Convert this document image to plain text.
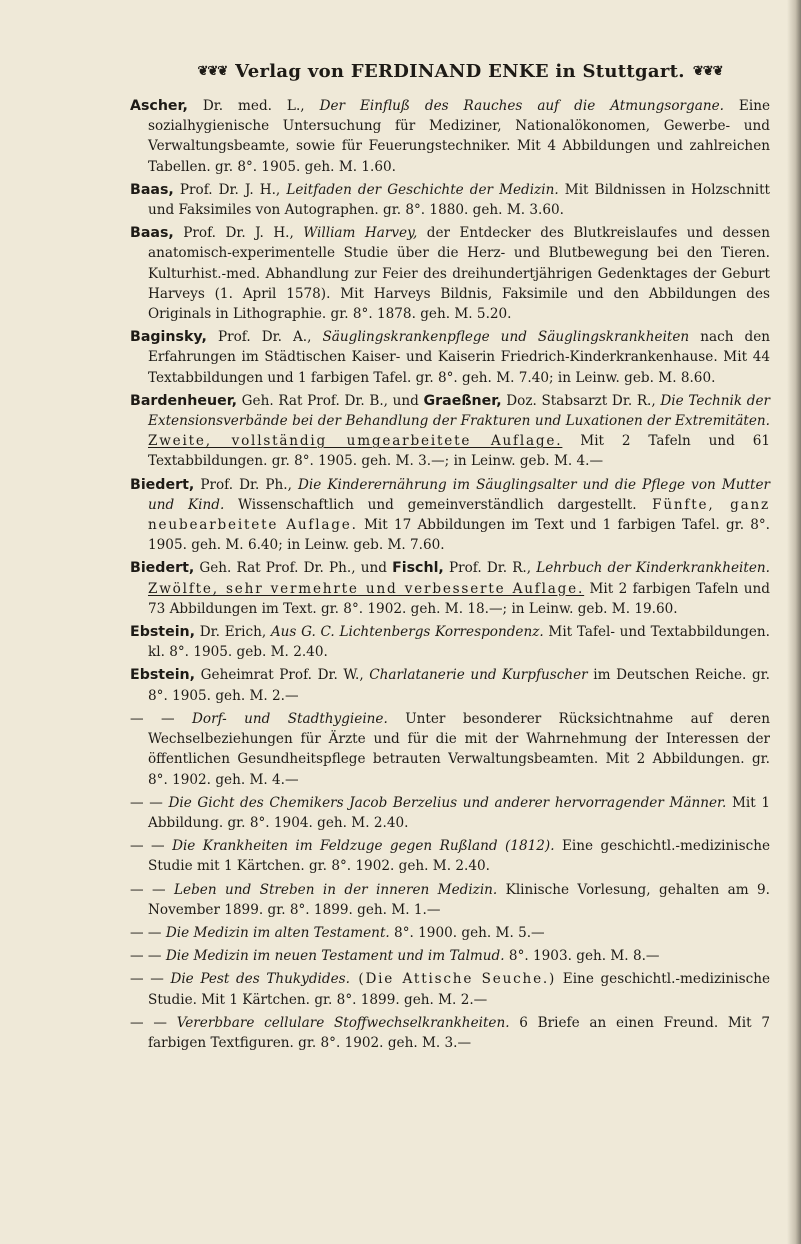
❦❦❦ Verlag von FERDINAND ENKE in Stuttgart. ❦❦❦

Ascher, Dr. med. L., Der Einfluß des Rauches auf die Atmungsorgane. Eine sozialhygienische Untersuchung für Mediziner, Nationalökonomen, Gewerbe- und Verwaltungsbeamte, sowie für Feuerungstechniker. Mit 4 Abbildungen und zahlreichen Tabellen. gr. 8°. 1905. geh. M. 1.60.

Baas, Prof. Dr. J. H., Leitfaden der Geschichte der Medizin. Mit Bildnissen in Holzschnitt und Faksimiles von Autographen. gr. 8°. 1880. geh. M. 3.60.

Baas, Prof. Dr. J. H., William Harvey, der Entdecker des Blutkreislaufes und dessen anatomisch-experimentelle Studie über die Herz- und Blutbewegung bei den Tieren. Kulturhist.-med. Abhandlung zur Feier des dreihundertjährigen Gedenktages der Geburt Harveys (1. April 1578). Mit Harveys Bildnis, Faksimile und den Abbildungen des Originals in Lithographie. gr. 8°. 1878. geh. M. 5.20.

Baginsky, Prof. Dr. A., Säuglingskrankenpflege und Säuglingskrankheiten nach den Erfahrungen im Städtischen Kaiser- und Kaiserin Friedrich-Kinderkrankenhause. Mit 44 Textabbildungen und 1 farbigen Tafel. gr. 8°. geh. M. 7.40; in Leinw. geb. M. 8.60.

Bardenheuer, Geh. Rat Prof. Dr. B., und Graeßner, Doz. Stabsarzt Dr. R., Die Technik der Extensionsverbände bei der Behandlung der Frakturen und Luxationen der Extremitäten. Zweite, vollständig umgearbeitete Auflage. Mit 2 Tafeln und 61 Textabbildungen. gr. 8°. 1905. geh. M. 3.—; in Leinw. geb. M. 4.—

Biedert, Prof. Dr. Ph., Die Kinderernährung im Säuglingsalter und die Pflege von Mutter und Kind. Wissenschaftlich und gemeinverständlich dargestellt. Fünfte, ganz neubearbeitete Auflage. Mit 17 Abbildungen im Text und 1 farbigen Tafel. gr. 8°. 1905. geh. M. 6.40; in Leinw. geb. M. 7.60.

Biedert, Geh. Rat Prof. Dr. Ph., und Fischl, Prof. Dr. R., Lehrbuch der Kinderkrankheiten. Zwölfte, sehr vermehrte und verbesserte Auflage. Mit 2 farbigen Tafeln und 73 Abbildungen im Text. gr. 8°. 1902. geh. M. 18.—; in Leinw. geb. M. 19.60.

Ebstein, Dr. Erich, Aus G. C. Lichtenbergs Korrespondenz. Mit Tafel- und Textabbildungen. kl. 8°. 1905. geb. M. 2.40.

Ebstein, Geheimrat Prof. Dr. W., Charlatanerie und Kurpfuscher im Deutschen Reiche. gr. 8°. 1905. geh. M. 2.—

— — Dorf- und Stadthygieine. Unter besonderer Rücksichtnahme auf deren Wechselbeziehungen für Ärzte und für die mit der Wahrnehmung der Interessen der öffentlichen Gesundheitspflege betrauten Verwaltungsbeamten. Mit 2 Abbildungen. gr. 8°. 1902. geh. M. 4.—

— — Die Gicht des Chemikers Jacob Berzelius und anderer hervorragender Männer. Mit 1 Abbildung. gr. 8°. 1904. geh. M. 2.40.

— — Die Krankheiten im Feldzuge gegen Rußland (1812). Eine geschichtl.-medizinische Studie mit 1 Kärtchen. gr. 8°. 1902. geh. M. 2.40.

— — Leben und Streben in der inneren Medizin. Klinische Vorlesung, gehalten am 9. November 1899. gr. 8°. 1899. geh. M. 1.—

— — Die Medizin im alten Testament. 8°. 1900. geh. M. 5.—

— — Die Medizin im neuen Testament und im Talmud. 8°. 1903. geh. M. 8.—

— — Die Pest des Thukydides. (Die Attische Seuche.) Eine geschichtl.-medizinische Studie. Mit 1 Kärtchen. gr. 8°. 1899. geh. M. 2.—

— — Vererbbare cellulare Stoffwechselkrankheiten. 6 Briefe an einen Freund. Mit 7 farbigen Textfiguren. gr. 8°. 1902. geh. M. 3.—
